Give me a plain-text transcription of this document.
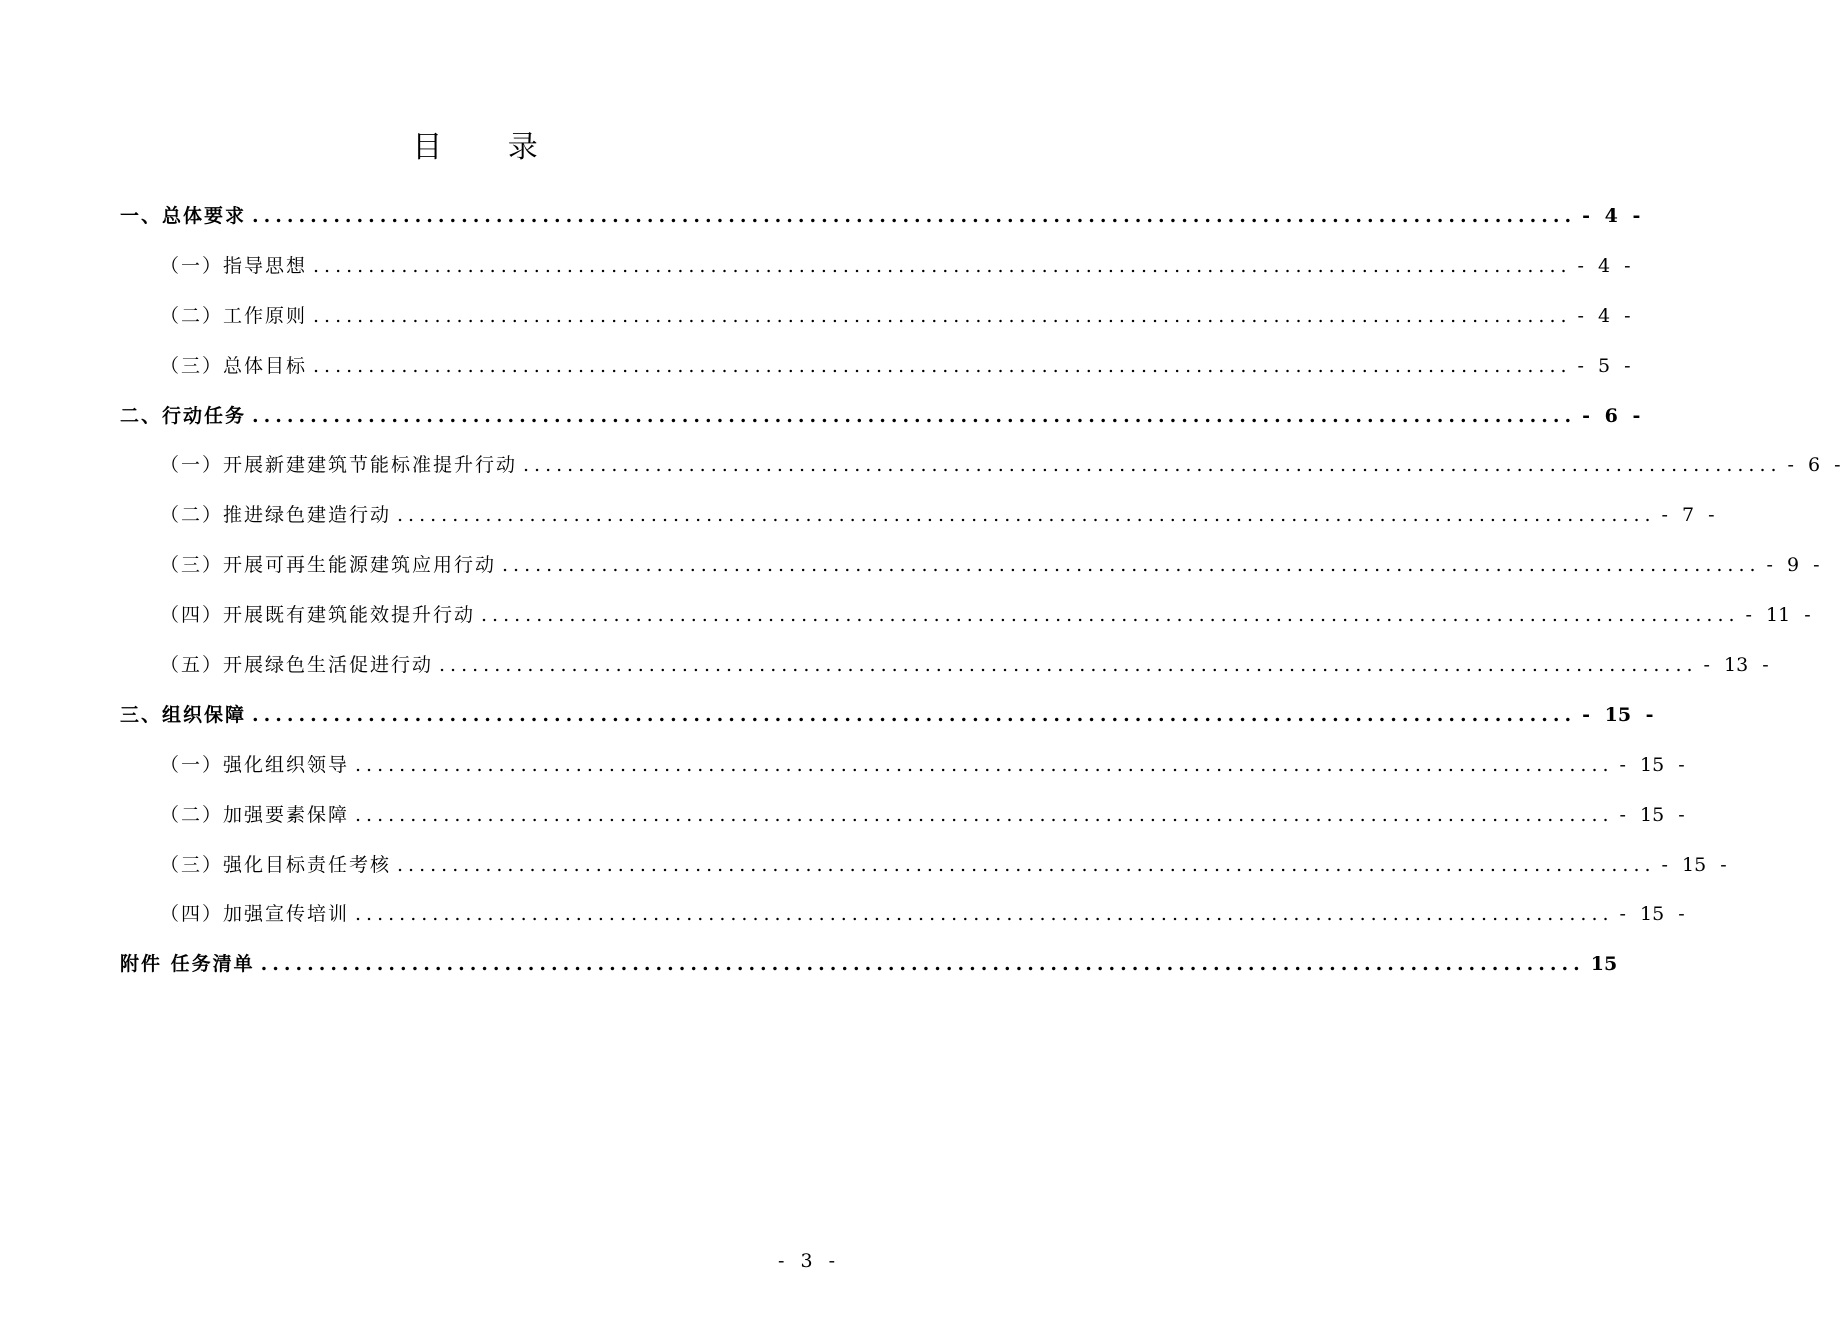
目 录
一、总体要求 .................................................................................................................. - 4 -
（一）指导思想 .................................................................................................................. - 4 -
（二）工作原则 .................................................................................................................. - 4 -
（三）总体目标 .................................................................................................................. - 5 -
二、行动任务 .................................................................................................................. - 6 -
（一）开展新建建筑节能标准提升行动 .................................................................................................................. - 6 -
（二）推进绿色建造行动 .................................................................................................................. - 7 -
（三）开展可再生能源建筑应用行动 .................................................................................................................. - 9 -
（四）开展既有建筑能效提升行动 .................................................................................................................. - 11 -
（五）开展绿色生活促进行动 .................................................................................................................. - 13 -
三、组织保障 .................................................................................................................. - 15 -
（一）强化组织领导 .................................................................................................................. - 15 -
（二）加强要素保障 .................................................................................................................. - 15 -
（三）强化目标责任考核 .................................................................................................................. - 15 -
（四）加强宣传培训 .................................................................................................................. - 15 -
附件 任务清单 .................................................................................................................. 15
- 3 -
